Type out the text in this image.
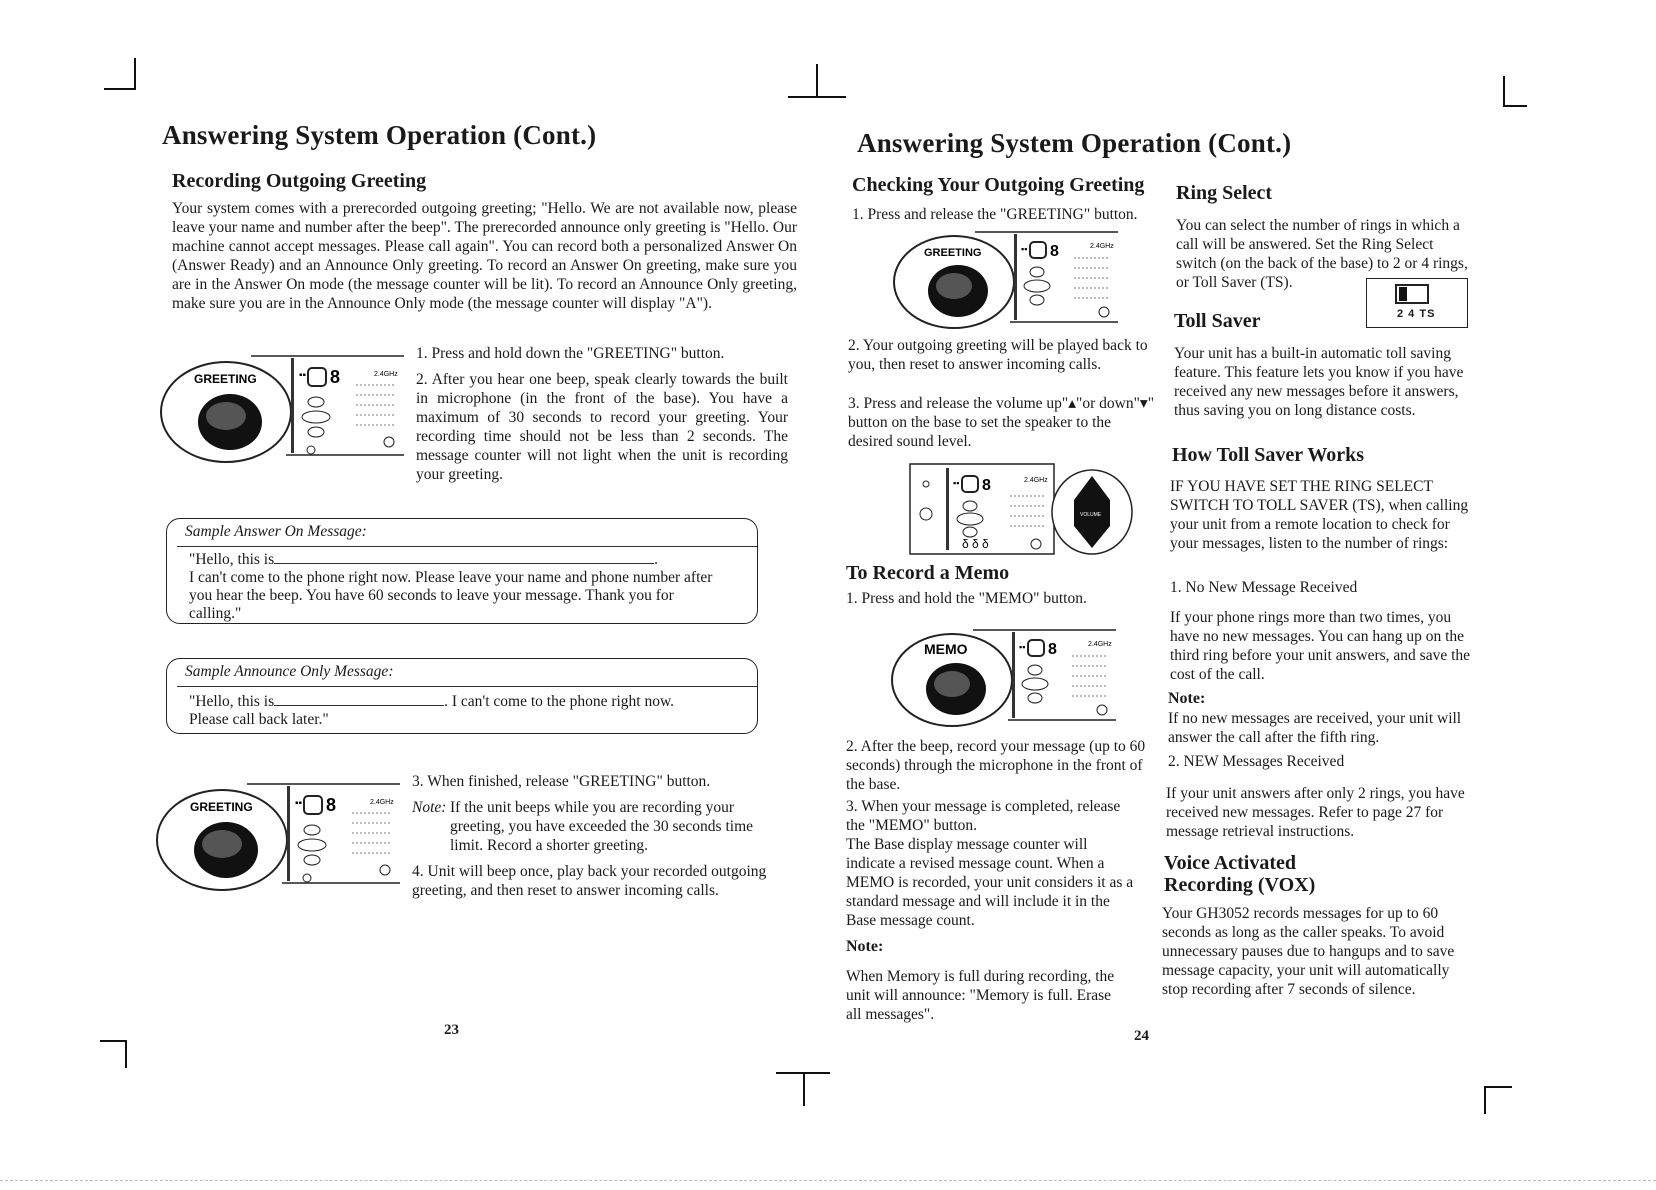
Answering System Operation (Cont.)
Recording Outgoing Greeting
Your system comes with a prerecorded outgoing greeting; "Hello. We are not available now, please leave your name and number after the beep". The prerecorded announce only greeting is "Hello. Our machine cannot accept messages. Please call again". You can record both a personalized Answer On (Answer Ready) and an Announce Only greeting. To record an Answer On greeting, make sure you are in the Answer On mode (the message counter will be lit). To record an Announce Only greeting, make sure you are in the Announce Only mode (the message counter will display "A").
GREETING	▪▪ 8	2.4GHz

1. Press and hold down the "GREETING" button.

2. After you hear one beep, speak clearly towards the built in microphone (in the front of the base). You have a maximum of 30 seconds to record your greeting. Your recording time should not be less than 2 seconds. The message counter will not light when the unit is recording your greeting.

Sample Answer On Message:
"Hello, this is	.
I can't come to the phone right now. Please leave your name and phone number after you hear the beep. You have 60 seconds to leave your message. Thank you for calling."
Sample Announce Only Message:
"Hello, this is	. I can't come to the phone right now.
Please call back later."
GREETING	▪▪ 8	2.4GHz

3. When finished, release "GREETING" button.

Note: If the unit beeps while you are recording your greeting, you have exceeded the 30 seconds time limit. Record a shorter greeting.

4. Unit will beep once, play back your recorded outgoing greeting, and then reset to answer incoming calls.

23
Answering System Operation (Cont.)
Checking Your Outgoing Greeting
1. Press and release the "GREETING" button.
GREETING	▪▪ 8	2.4GHz
2. Your outgoing greeting will be played back to you, then reset to answer incoming calls.
3. Press and release the volume up"▴"or down"▾" button on the base to set the speaker to the desired sound level.
▪▪ 8	2.4GHz
δ δ δ
VOLUME
To Record a Memo
1. Press and hold the "MEMO" button.
MEMO	▪▪ 8	2.4GHz
2. After the beep, record your message (up to 60 seconds) through the microphone in the front of the base.
3. When your message is completed, release the "MEMO" button.
The Base display message counter will indicate a revised message count. When a MEMO is recorded, your unit considers it as a standard message and will include it in the Base message count.
Note:
When Memory is full during recording, the unit will announce: "Memory is full. Erase all messages".
24
Ring Select
You can select the number of rings in which a call will be answered. Set the Ring Select switch (on the back of the base) to 2 or 4 rings, or Toll Saver (TS).
2 4 TS
Toll Saver
Your unit has a built-in automatic toll saving feature. This feature lets you know if you have received any new messages before it answers, thus saving you on long distance costs.
How Toll Saver Works
IF YOU HAVE SET THE RING SELECT SWITCH TO TOLL SAVER (TS), when calling your unit from a remote location to check for your messages, listen to the number of rings:
1. No New Message Received
If your phone rings more than two times, you have no new messages. You can hang up on the third ring before your unit answers, and save the cost of the call.
Note:
If no new messages are received, your unit will answer the call after the fifth ring.
2. NEW Messages Received
If your unit answers after only 2 rings, you have received new messages. Refer to page 27 for message retrieval instructions.
Voice Activated Recording (VOX)
Your GH3052 records messages for up to 60 seconds as long as the caller speaks. To avoid unnecessary pauses due to hangups and to save message capacity, your unit will automatically stop recording after 7 seconds of silence.
